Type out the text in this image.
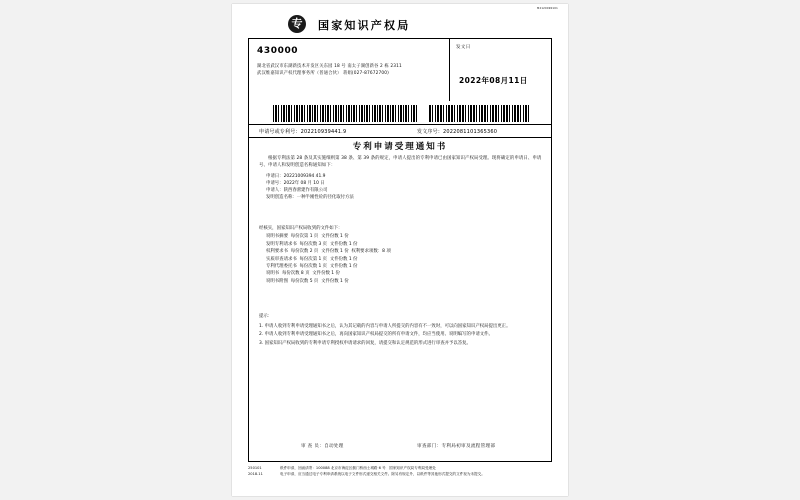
M2120090101
专	国家知识产权局
430000
湖北省武汉市东湖新技术开发区关东园 18 号 南太子湖创新谷 2 栋 2311
武汉维嘉知识产权代理事务所（普通合伙） 蒋娟(027-87672700)
发文日
2022年08月11日
申请号或专利号：202210939441.9	发文序号：2022081101365360
专利申请受理通知书

根据专利法第 28 条及其实施细则第 38 条、第 39 条的规定，申请人提出的专利申请已由国家知识产权局受理。现将确定的申请日、申请号、申请人和发明创造名称通知如下：

申请日：20221009394 41.9
申请号：2022年 08 月 10 日
申请人：陕西春蕾建作有限公司
发明创造名称：一种半刚性砼的径化取付方法

经核实，国家知识产权局收到的文件如下：

说明书摘要  每份次第 1 页  文件份数 1 份
发明专利请求书  每份次数 3 页  文件份数 1 份
权利要求书  每份次数 2 页  文件份数 1 份  权利要求项数：8 项
实质审查请求书  每份次第 1 页  文件份数 1 份
专利代理委托书  每份次数 1 页  文件份数 1 份
说明书  每份次数 8 页  文件份数 1 份
说明书附图  每份次数 5 页  文件份数 1 份

提示：

1. 申请人收到专利申请受理通知书之后，认为其记载的内容与申请人所提交的内容有不一致时，可以向国家知识产权局提出更正。

2. 申请人收到专利申请受理通知书之后，再向国家知识产权局提交的所有申请文件，均应当使用、说明编写的申请文件。

3. 国家知识产权局收到的专利申请专利授权申请请求的回复，请提交和认定规范的形式进行审查并予以答复。

审 查 员：自动处理	审查部门：专利局初审及流程管理部
250101	纸件申请，回函请寄：100088 北京市海淀区蓟门桥西土城路 6 号   国家知识产权局专利局受理处
2018.11	电子申请，应当通过电子专利申请系统以电子文件形式递交相关文件。除另有规定外，以纸件等其他形式提交的文件视为未提交。
